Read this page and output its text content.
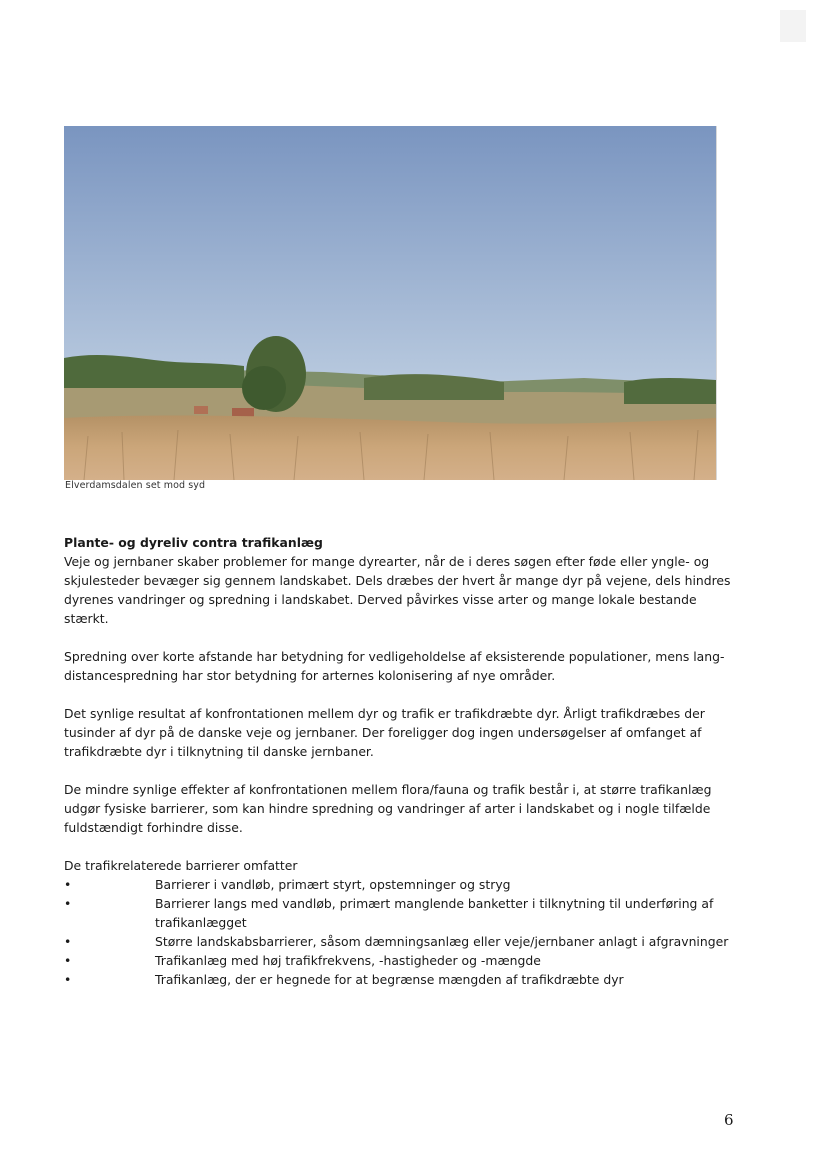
Elverdamsdalen set mod syd
Plante- og dyreliv contra trafikanlæg

Veje og jernbaner skaber problemer for mange dyrearter, når de i deres søgen efter føde eller yngle- og skjulesteder bevæger sig gennem landskabet. Dels dræbes der hvert år mange dyr på vejene, dels hindres dyrenes vandringer og spredning i landskabet. Derved påvirkes visse arter og mange lokale bestande stærkt.

Spredning over korte afstande har betydning for vedligeholdelse af eksisterende populationer, mens lang-distancespredning har stor betydning for arternes kolonisering af nye områder.

Det synlige resultat af konfrontationen mellem dyr og trafik er trafikdræbte dyr. Årligt trafikdræbes der tusinder af dyr på de danske veje og jernbaner. Der foreligger dog ingen undersøgelser af omfanget af trafikdræbte dyr i tilknytning til danske jernbaner.

De mindre synlige effekter af konfrontationen mellem flora/fauna og trafik består i, at større trafikanlæg udgør fysiske barrierer, som kan hindre spredning og vandringer af arter i landskabet og i nogle tilfælde fuldstændigt forhindre disse.

De trafikrelaterede barrierer omfatter
•	Barrierer i vandløb, primært styrt, opstemninger og stryg
•	Barrierer langs med vandløb, primært manglende banketter i tilknytning til underføring af trafikanlægget
•	Større landskabsbarrierer, såsom dæmningsanlæg eller veje/jernbaner anlagt i afgravninger
•	Trafikanlæg med høj trafikfrekvens, -hastigheder og -mængde
•	Trafikanlæg, der er hegnede for at begrænse mængden af trafikdræbte dyr
6
